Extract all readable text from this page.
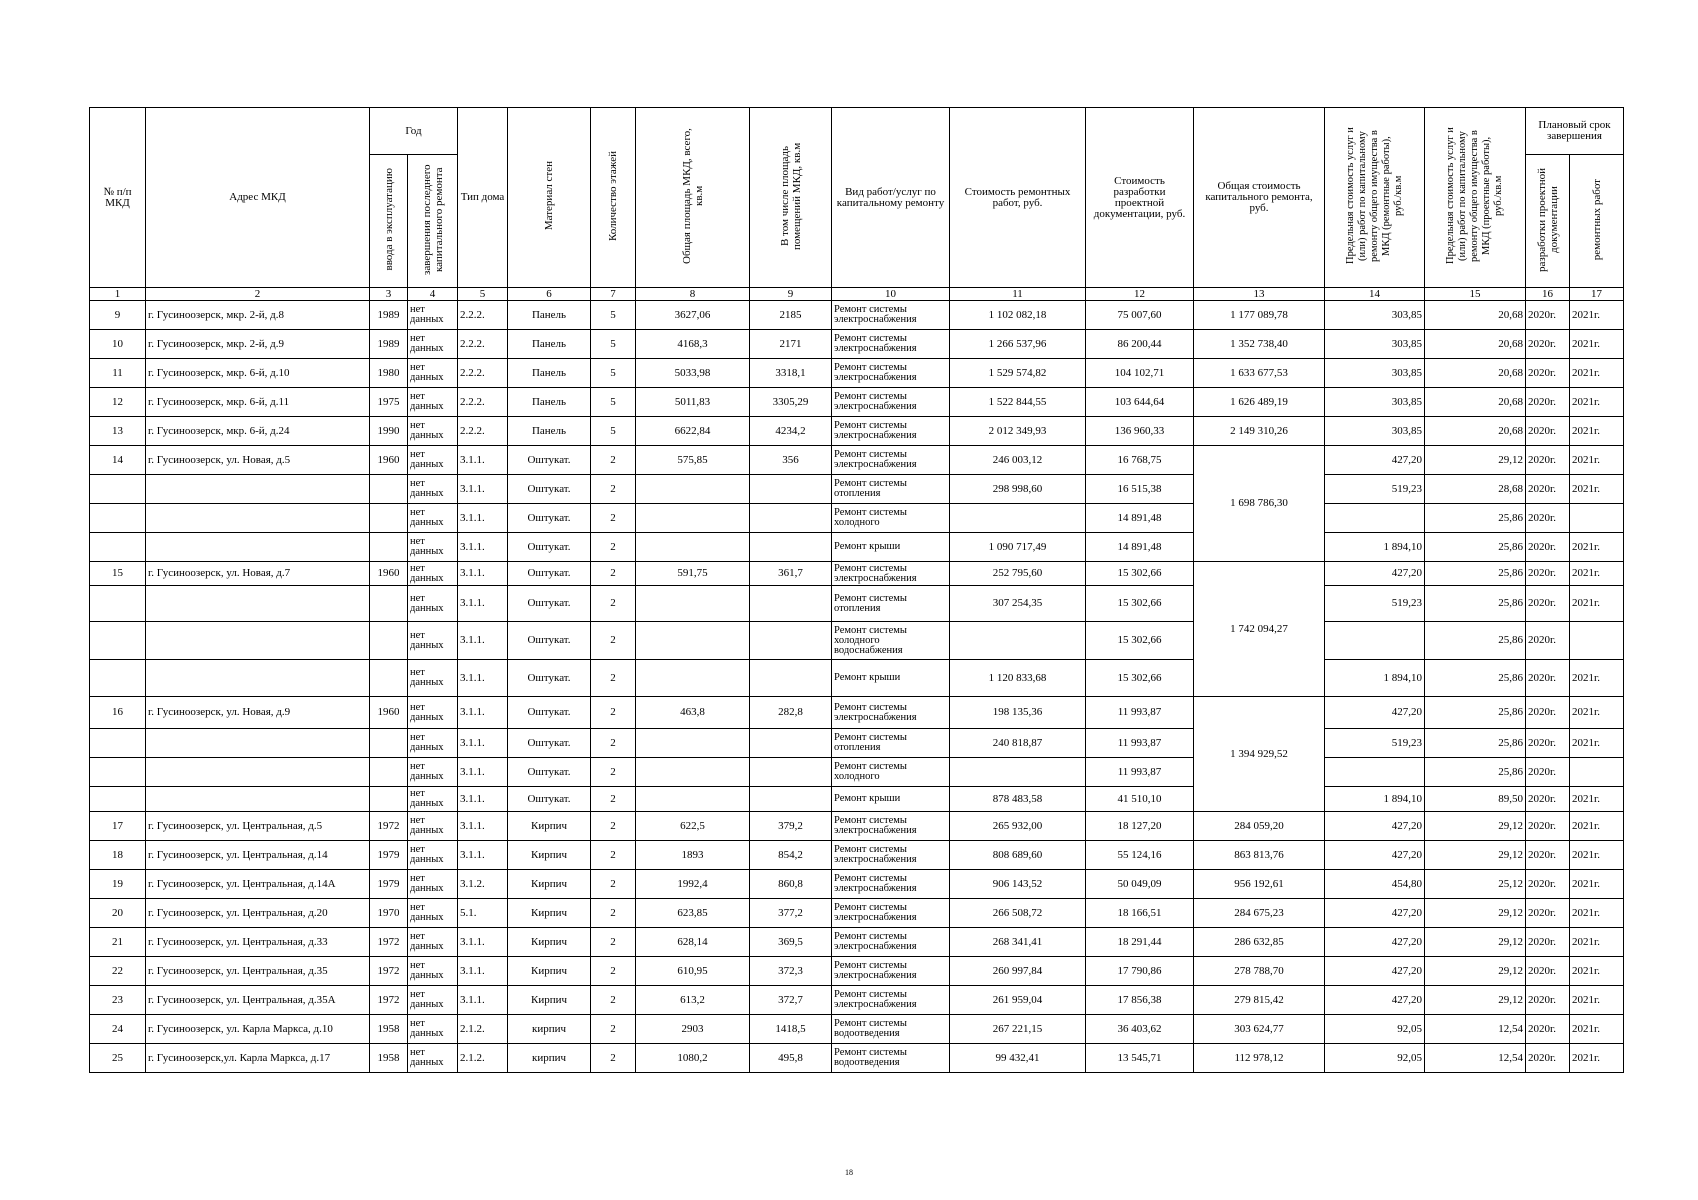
№ п/п МКД	Адрес МКД	Год		Тип дома	Материал стен	Количество этажей	Общая площадь МКД, всего, кв.м	В том числе площадь помещений МКД, кв.м	Вид работ/услуг по капитальному ремонту	Стоимость ремонтных работ, руб.	Стоимость разработки проектной документации, руб.	Общая стоимость капитального ремонта, руб.	Предельная стоимость услуг и (или) работ по капитальному ремонту общего имущества в МКД (ремонтные работы), руб./кв.м	Предельная стоимость услуг и (или) работ по капитальному ремонту общего имущества в МКД (проектные работы), руб./кв.м	Плановый срок завершения	
		ввода в эксплуатацию	завершения последнего капитального ремонта												разработки проектной документации	ремонтных работ
1	2	3	4	5	6	7	8	9	10	11	12	13	14	15	16	17
9	г. Гусиноозерск, мкр. 2-й, д.8	1989	нет данных	2.2.2.	Панель	5	3627,06	2185	Ремонт системы электроснабжения	1 102 082,18	75 007,60	1 177 089,78	303,85	20,68	2020г.	2021г.
10	г. Гусиноозерск, мкр. 2-й, д.9	1989	нет данных	2.2.2.	Панель	5	4168,3	2171	Ремонт системы электроснабжения	1 266 537,96	86 200,44	1 352 738,40	303,85	20,68	2020г.	2021г.
11	г. Гусиноозерск, мкр. 6-й, д.10	1980	нет данных	2.2.2.	Панель	5	5033,98	3318,1	Ремонт системы электроснабжения	1 529 574,82	104 102,71	1 633 677,53	303,85	20,68	2020г.	2021г.
12	г. Гусиноозерск, мкр. 6-й, д.11	1975	нет данных	2.2.2.	Панель	5	5011,83	3305,29	Ремонт системы электроснабжения	1 522 844,55	103 644,64	1 626 489,19	303,85	20,68	2020г.	2021г.
13	г. Гусиноозерск, мкр. 6-й, д.24	1990	нет данных	2.2.2.	Панель	5	6622,84	4234,2	Ремонт системы электроснабжения	2 012 349,93	136 960,33	2 149 310,26	303,85	20,68	2020г.	2021г.
14	г. Гусиноозерск, ул. Новая, д.5	1960	нет данных	3.1.1.	Оштукат.	2	575,85	356	Ремонт системы электроснабжения	246 003,12	16 768,75	1 698 786,30	427,20	29,12	2020г.	2021г.
			нет данных	3.1.1.	Оштукат.	2			Ремонт системы отопления	298 998,60	16 515,38		519,23	28,68	2020г.	2021г.
			нет данных	3.1.1.	Оштукат.	2			Ремонт системы холодного		14 891,48			25,86	2020г.	
			нет данных	3.1.1.	Оштукат.	2			Ремонт крыши	1 090 717,49	14 891,48		1 894,10	25,86	2020г.	2021г.
15	г. Гусиноозерск, ул. Новая, д.7	1960	нет данных	3.1.1.	Оштукат.	2	591,75	361,7	Ремонт системы электроснабжения	252 795,60	15 302,66	1 742 094,27	427,20	25,86	2020г.	2021г.
			нет данных	3.1.1.	Оштукат.	2			Ремонт системы отопления	307 254,35	15 302,66		519,23	25,86	2020г.	2021г.
			нет данных	3.1.1.	Оштукат.	2			Ремонт системы холодного водоснабжения		15 302,66			25,86	2020г.	
			нет данных	3.1.1.	Оштукат.	2			Ремонт крыши	1 120 833,68	15 302,66		1 894,10	25,86	2020г.	2021г.
16	г. Гусиноозерск, ул. Новая, д.9	1960	нет данных	3.1.1.	Оштукат.	2	463,8	282,8	Ремонт системы электроснабжения	198 135,36	11 993,87	1 394 929,52	427,20	25,86	2020г.	2021г.
			нет данных	3.1.1.	Оштукат.	2			Ремонт системы отопления	240 818,87	11 993,87		519,23	25,86	2020г.	2021г.
			нет данных	3.1.1.	Оштукат.	2			Ремонт системы холодного		11 993,87			25,86	2020г.	
			нет данных	3.1.1.	Оштукат.	2			Ремонт крыши	878 483,58	41 510,10		1 894,10	89,50	2020г.	2021г.
17	г. Гусиноозерск, ул. Центральная, д.5	1972	нет данных	3.1.1.	Кирпич	2	622,5	379,2	Ремонт системы электроснабжения	265 932,00	18 127,20	284 059,20	427,20	29,12	2020г.	2021г.
18	г. Гусиноозерск, ул. Центральная, д.14	1979	нет данных	3.1.1.	Кирпич	2	1893	854,2	Ремонт системы электроснабжения	808 689,60	55 124,16	863 813,76	427,20	29,12	2020г.	2021г.
19	г. Гусиноозерск, ул. Центральная, д.14А	1979	нет данных	3.1.2.	Кирпич	2	1992,4	860,8	Ремонт системы электроснабжения	906 143,52	50 049,09	956 192,61	454,80	25,12	2020г.	2021г.
20	г. Гусиноозерск, ул. Центральная, д.20	1970	нет данных	5.1.	Кирпич	2	623,85	377,2	Ремонт системы электроснабжения	266 508,72	18 166,51	284 675,23	427,20	29,12	2020г.	2021г.
21	г. Гусиноозерск, ул. Центральная, д.33	1972	нет данных	3.1.1.	Кирпич	2	628,14	369,5	Ремонт системы электроснабжения	268 341,41	18 291,44	286 632,85	427,20	29,12	2020г.	2021г.
22	г. Гусиноозерск, ул. Центральная, д.35	1972	нет данных	3.1.1.	Кирпич	2	610,95	372,3	Ремонт системы электроснабжения	260 997,84	17 790,86	278 788,70	427,20	29,12	2020г.	2021г.
23	г. Гусиноозерск, ул. Центральная, д.35А	1972	нет данных	3.1.1.	Кирпич	2	613,2	372,7	Ремонт системы электроснабжения	261 959,04	17 856,38	279 815,42	427,20	29,12	2020г.	2021г.
24	г. Гусиноозерск, ул. Карла Маркса, д.10	1958	нет данных	2.1.2.	кирпич	2	2903	1418,5	Ремонт системы водоотведения	267 221,15	36 403,62	303 624,77	92,05	12,54	2020г.	2021г.
25	г. Гусиноозерск,ул. Карла Маркса, д.17	1958	нет данных	2.1.2.	кирпич	2	1080,2	495,8	Ремонт системы водоотведения	99 432,41	13 545,71	112 978,12	92,05	12,54	2020г.	2021г.
18
